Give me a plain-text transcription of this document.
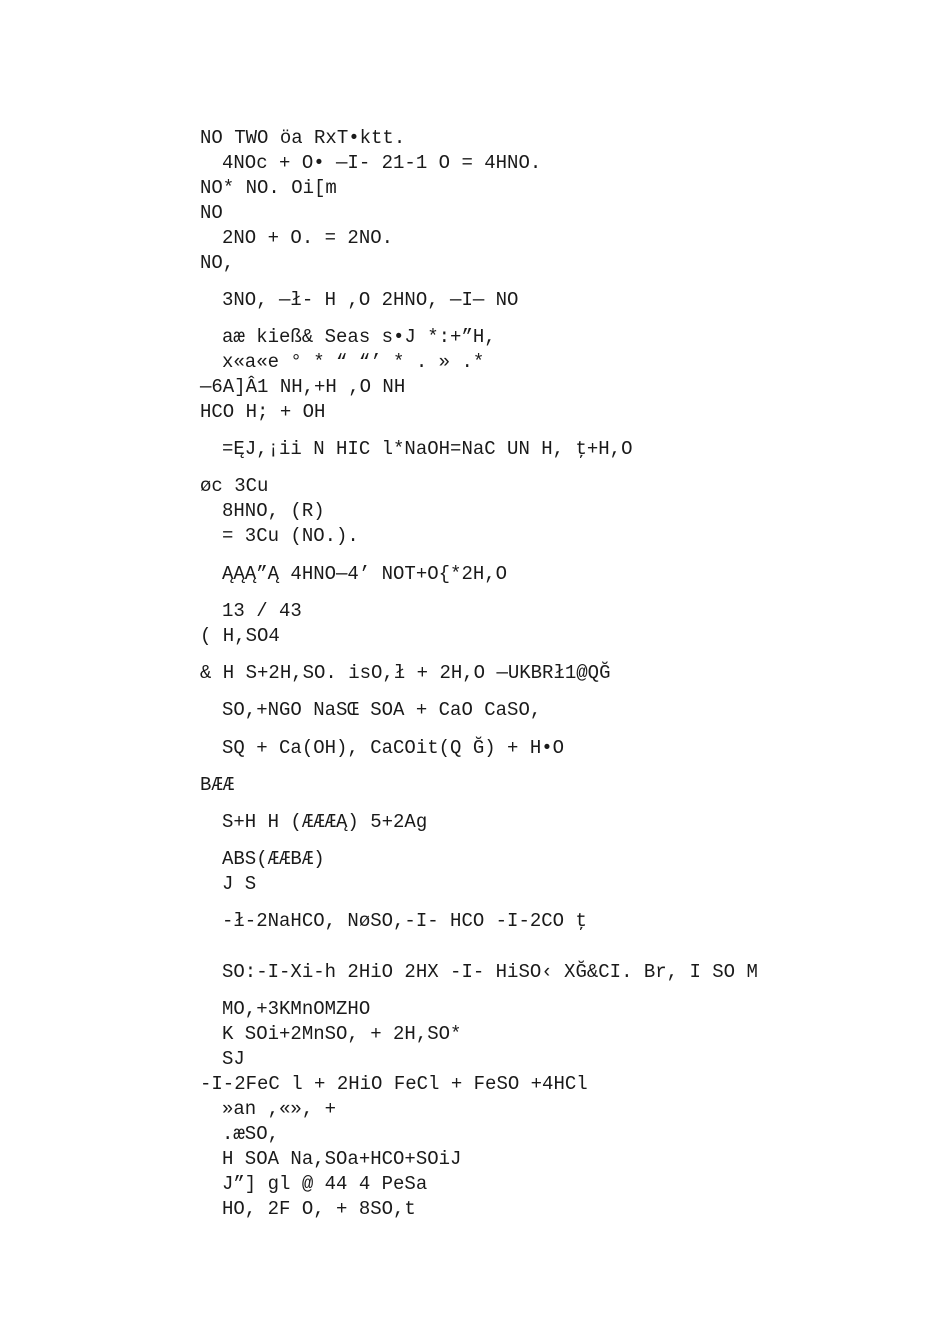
NO TWO öa RxT•ktt.
4NOc + O• —I- 21-1 O = 4HNO.
NO* NO. Oi[m
NO
2NO + O. = 2NO.
NO,
3NO, —ł- H ,O 2HNO, —I— NO
aæ kieß& Seas s•J *:+”H,
x«a«e ° * “ “’ * . » .*
—6A]Â1 NH,+H ,O NH
HCO H; + OH
=ĘJ,¡ii N HIC l*NaOH=NaC UN H, ţ+H,O
øc 3Cu
8HNO, (R)
= 3Cu (NO.).
ĄĄĄ”Ą 4HNO—4’ NOT+O{*2H,O
13 / 43
( H,SO4
& H S+2H,SO. isO,ł + 2H,O —UKBRł1@QĞ
SO,+NGO NaSŒ SOA + CaO CaSO,
SQ + Ca(OH), CaCOit(Q Ğ) + H•O
BÆÆ
S+H H (ÆÆÆĄ) 5+2Ag
ABS(ÆÆBÆ)
J S
-ł-2NaHCO, NøSO,-I- HCO -I-2CO ţ
SO:-I-Xi-h 2HiO 2HX -I- HiSO‹ XĞ&CI. Br, I SO M
MO,+3KMnOMZHO
K SOi+2MnSO, + 2H,SO*
SJ
-I-2FeC l + 2HiO FeCl + FeSO +4HCl
»an ,«», +
.æSO,
H SOA Na,SOa+HCO+SOiJ
J”] gl @ 44 4 PeSa
HO, 2F O, + 8SO,t
